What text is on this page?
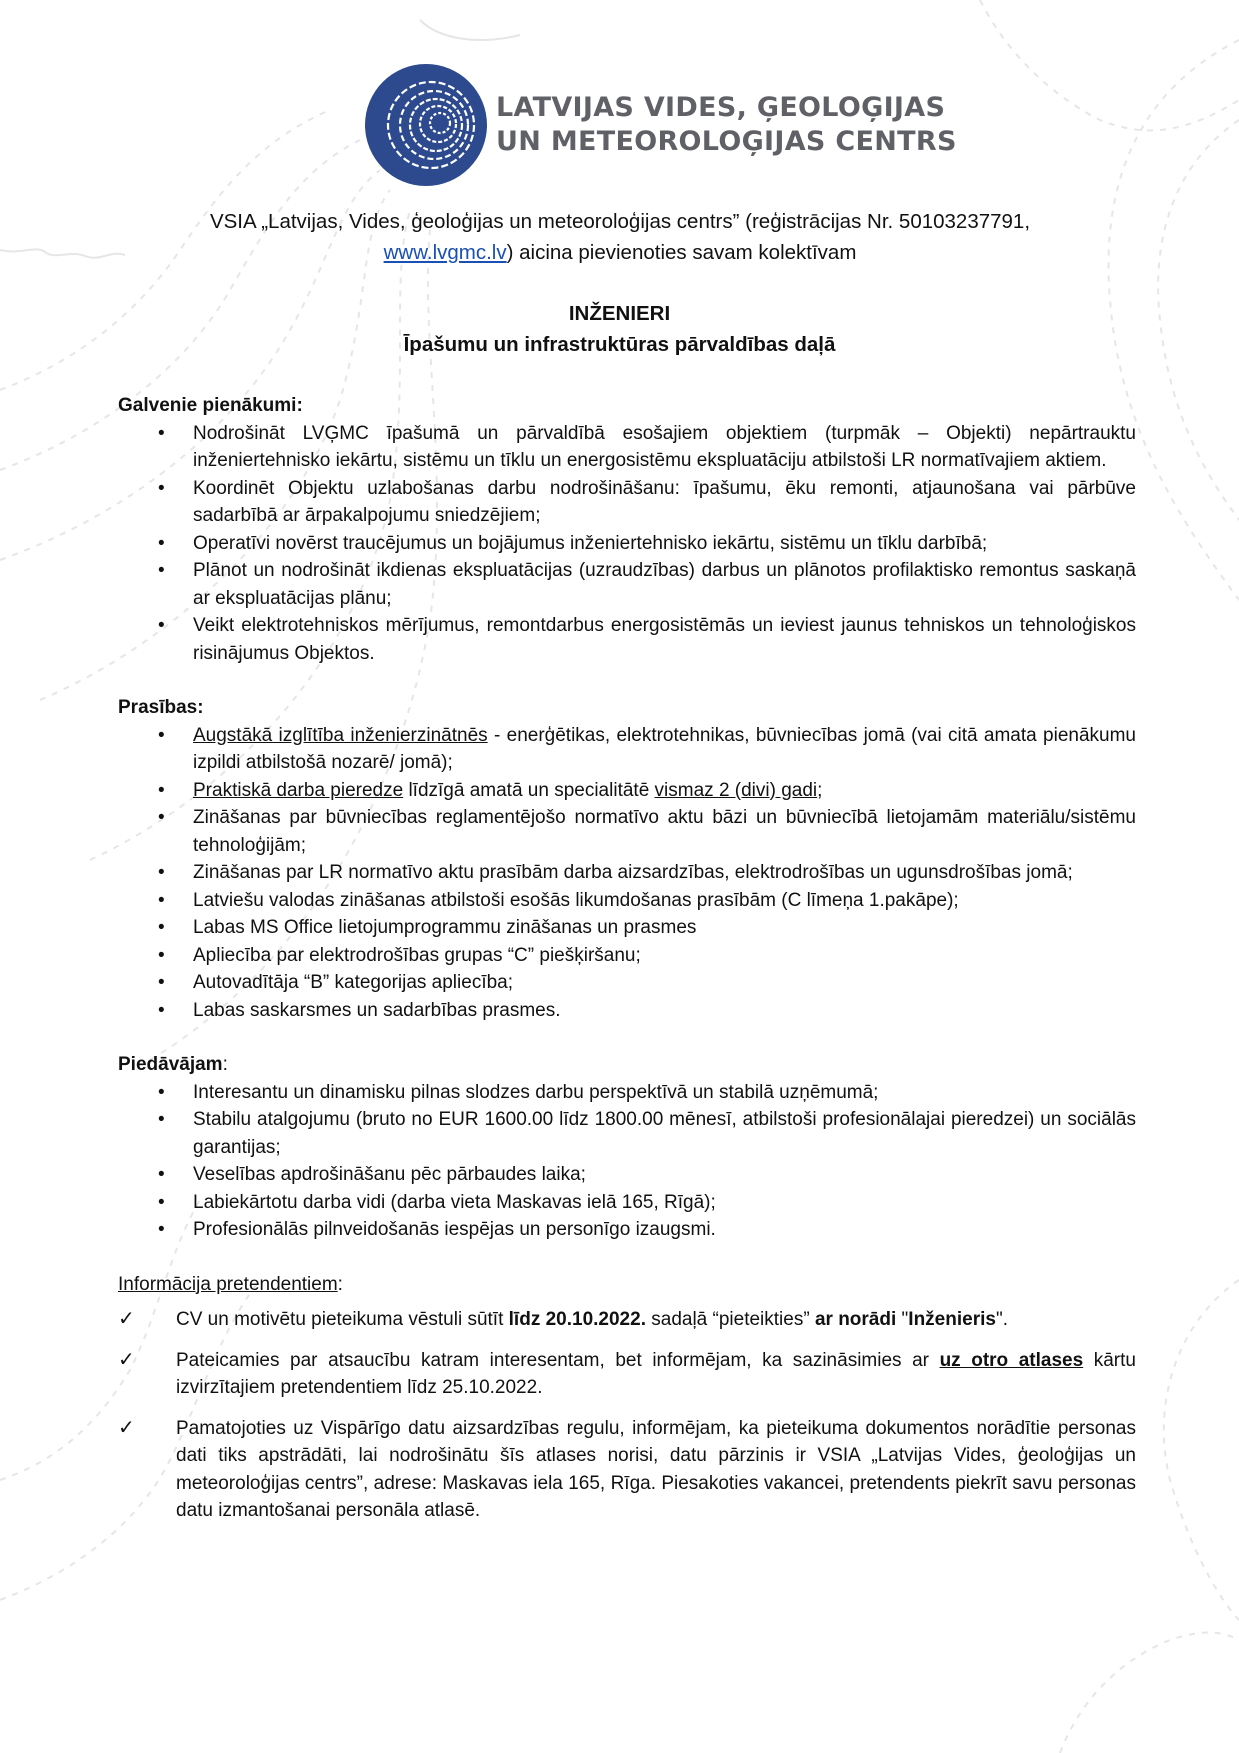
LATVIJAS VIDES, ĢEOLOĢIJAS
UN METEOROLOĢIJAS CENTRS
VSIA „Latvijas, Vides, ģeoloģijas un meteoroloģijas centrs” (reģistrācijas Nr. 50103237791,
www.lvgmc.lv) aicina pievienoties savam kolektīvam
INŽENIERI
Īpašumu un infrastruktūras pārvaldības daļā
Galvenie pienākumi:
• Nodrošināt LVĢMC īpašumā un pārvaldībā esošajiem objektiem (turpmāk – Objekti) nepārtrauktu inženiertehnisko iekārtu, sistēmu un tīklu un energosistēmu ekspluatāciju atbilstoši LR normatīvajiem aktiem.
• Koordinēt Objektu uzlabošanas darbu nodrošināšanu: īpašumu, ēku remonti, atjaunošana vai pārbūve sadarbībā ar ārpakalpojumu sniedzējiem;
• Operatīvi novērst traucējumus un bojājumus inženiertehnisko iekārtu, sistēmu un tīklu darbībā;
• Plānot un nodrošināt ikdienas ekspluatācijas (uzraudzības) darbus un plānotos profilaktisko remontus saskaņā ar ekspluatācijas plānu;
• Veikt elektrotehniskos mērījumus, remontdarbus energosistēmās un ieviest jaunus tehniskos un tehnoloģiskos risinājumus Objektos.
Prasības:
• Augstākā izglītība inženierzinātnēs - enerģētikas, elektrotehnikas, būvniecības jomā (vai citā amata pienākumu izpildi atbilstošā nozarē/ jomā);
• Praktiskā darba pieredze līdzīgā amatā un specialitātē vismaz 2 (divi) gadi;
• Zināšanas par būvniecības reglamentējošo normatīvo aktu bāzi un būvniecībā lietojamām materiālu/sistēmu tehnoloģijām;
• Zināšanas par LR normatīvo aktu prasībām darba aizsardzības, elektrodrošības un ugunsdrošības jomā;
• Latviešu valodas zināšanas atbilstoši esošās likumdošanas prasībām (C līmeņa 1.pakāpe);
• Labas MS Office lietojumprogrammu zināšanas un prasmes
• Apliecība par elektrodrošības grupas “C” piešķiršanu;
• Autovadītāja “B” kategorijas apliecība;
• Labas saskarsmes un sadarbības prasmes.
Piedāvājam:
• Interesantu un dinamisku pilnas slodzes darbu perspektīvā un stabilā uzņēmumā;
• Stabilu atalgojumu (bruto no EUR 1600.00 līdz 1800.00 mēnesī, atbilstoši profesionālajai pieredzei) un sociālās garantijas;
• Veselības apdrošināšanu pēc pārbaudes laika;
• Labiekārtotu darba vidi (darba vieta Maskavas ielā 165, Rīgā);
• Profesionālās pilnveidošanās iespējas un personīgo izaugsmi.
Informācija pretendentiem:
✓ CV un motivētu pieteikuma vēstuli sūtīt līdz 20.10.2022. sadaļā “pieteikties” ar norādi "Inženieris".
✓ Pateicamies par atsaucību katram interesentam, bet informējam, ka sazināsimies ar uz otro atlases kārtu izvirzītajiem pretendentiem līdz 25.10.2022.
✓ Pamatojoties uz Vispārīgo datu aizsardzības regulu, informējam, ka pieteikuma dokumentos norādītie personas dati tiks apstrādāti, lai nodrošinātu šīs atlases norisi, datu pārzinis ir VSIA „Latvijas Vides, ģeoloģijas un meteoroloģijas centrs”, adrese: Maskavas iela 165, Rīga. Piesakoties vakancei, pretendents piekrīt savu personas datu izmantošanai personāla atlasē.
